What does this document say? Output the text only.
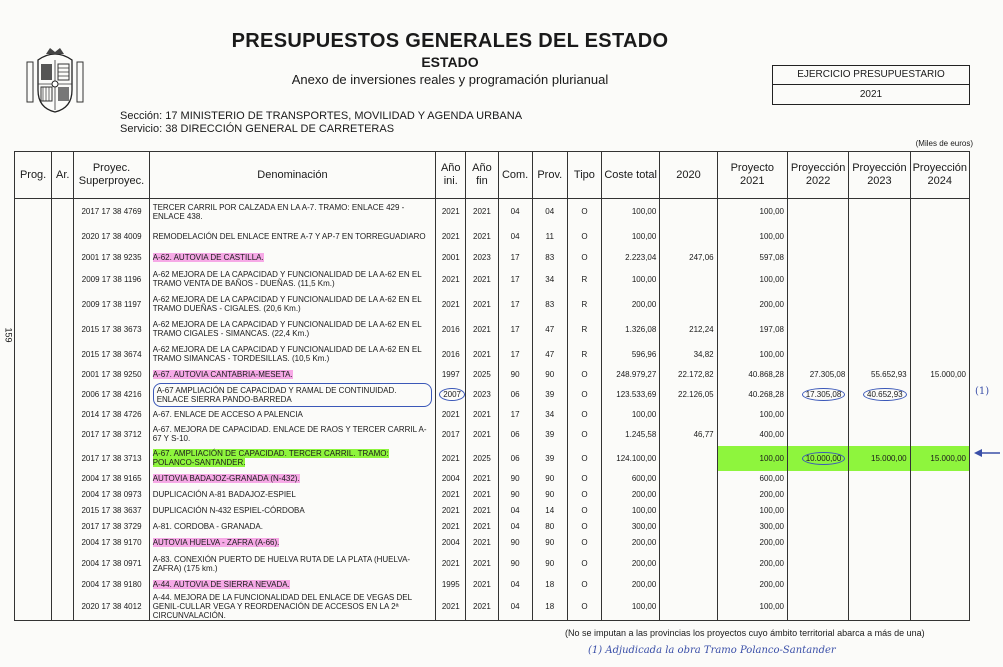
PRESUPUESTOS GENERALES DEL ESTADO
ESTADO
Anexo de inversiones reales y programación plurianual	EJERCICIO PRESUPUESTARIO
2021
Sección: 17 MINISTERIO DE TRANSPORTES, MOVILIDAD Y AGENDA URBANA
Servicio: 38 DIRECCIÓN GENERAL DE CARRETERAS
(Miles de euros)
159
Prog.	Ar.	Proyec. Superproyec.	Denominación	Año ini.	Año fin	Com.	Prov.	Tipo	Coste total	2020	Proyecto 2021	Proyección 2022	Proyección 2023	Proyección 2024
		2017 17 38 4769	TERCER CARRIL POR CALZADA EN LA A-7. TRAMO: ENLACE 429 - ENLACE 438.	2021	2021	04	04	O	100,00		100,00			
		2020 17 38 4009	REMODELACIÓN DEL ENLACE ENTRE A-7 Y AP-7 EN TORREGUADIARO	2021	2021	04	11	O	100,00		100,00			
		2001 17 38 9235	A-62. AUTOVIA DE CASTILLA.	2001	2023	17	83	O	2.223,04	247,06	597,08			
		2009 17 38 1196	A-62 MEJORA DE LA CAPACIDAD Y FUNCIONALIDAD DE LA A-62 EN EL TRAMO VENTA DE BAÑOS - DUEÑAS. (11,5 Km.)	2021	2021	17	34	R	100,00		100,00			
		2009 17 38 1197	A-62 MEJORA DE LA CAPACIDAD Y FUNCIONALIDAD DE LA A-62 EN EL TRAMO DUEÑAS - CIGALES. (20,6 Km.)	2021	2021	17	83	R	200,00		200,00			
		2015 17 38 3673	A-62 MEJORA DE LA CAPACIDAD Y FUNCIONALIDAD DE LA A-62 EN EL TRAMO CIGALES - SIMANCAS. (22,4 Km.)	2016	2021	17	47	R	1.326,08	212,24	197,08			
		2015 17 38 3674	A-62 MEJORA DE LA CAPACIDAD Y FUNCIONALIDAD DE LA A-62 EN EL TRAMO SIMANCAS - TORDESILLAS. (10,5 Km.)	2016	2021	17	47	R	596,96	34,82	100,00			
		2001 17 38 9250	A-67. AUTOVIA CANTABRIA-MESETA.	1997	2025	90	90	O	248.979,27	22.172,82	40.868,28	27.305,08	55.652,93	15.000,00
		2006 17 38 4216	A-67 AMPLIACIÓN DE CAPACIDAD Y RAMAL DE CONTINUIDAD. ENLACE SIERRA PANDO-BARREDA	2007	2023	06	39	O	123.533,69	22.126,05	40.268,28	17.305,08	40.652,93	
		2014 17 38 4726	A-67. ENLACE DE ACCESO A PALENCIA	2021	2021	17	34	O	100,00		100,00			
		2017 17 38 3712	A-67. MEJORA DE CAPACIDAD. ENLACE DE RAOS Y TERCER CARRIL A-67 Y S-10.	2017	2021	06	39	O	1.245,58	46,77	400,00			
		2017 17 38 3713	A-67. AMPLIACIÓN DE CAPACIDAD. TERCER CARRIL. TRAMO: POLANCO-SANTANDER.	2021	2025	06	39	O	124.100,00		100,00	10.000,00	15.000,00	15.000,00
		2004 17 38 9165	AUTOVIA BADAJOZ-GRANADA (N-432).	2004	2021	90	90	O	600,00		600,00			
		2004 17 38 0973	DUPLICACIÓN A-81 BADAJOZ-ESPIEL	2021	2021	90	90	O	200,00		200,00			
		2015 17 38 3637	DUPLICACIÓN N-432 ESPIEL-CÓRDOBA	2021	2021	04	14	O	100,00		100,00			
		2017 17 38 3729	A-81. CORDOBA - GRANADA.	2021	2021	04	80	O	300,00		300,00			
		2004 17 38 9170	AUTOVIA HUELVA - ZAFRA (A-66).	2004	2021	90	90	O	200,00		200,00			
		2004 17 38 0971	A-83. CONEXIÓN PUERTO DE HUELVA RUTA DE LA PLATA (HUELVA-ZAFRA) (175 km.)	2021	2021	90	90	O	200,00		200,00			
		2004 17 38 9180	A-44. AUTOVIA DE SIERRA NEVADA.	1995	2021	04	18	O	200,00		200,00			
		2020 17 38 4012	A-44. MEJORA DE LA FUNCIONALIDAD DEL ENLACE DE VEGAS DEL GENIL-CULLAR VEGA Y REORDENACIÓN DE ACCESOS EN LA 2ª CIRCUNVALACIÓN.	2021	2021	04	18	O	100,00		100,00			
(No se imputan a las provincias los proyectos cuyo ámbito territorial abarca a más de una)
(1) Adjudicada la obra Tramo Polanco-Santander
(1)
